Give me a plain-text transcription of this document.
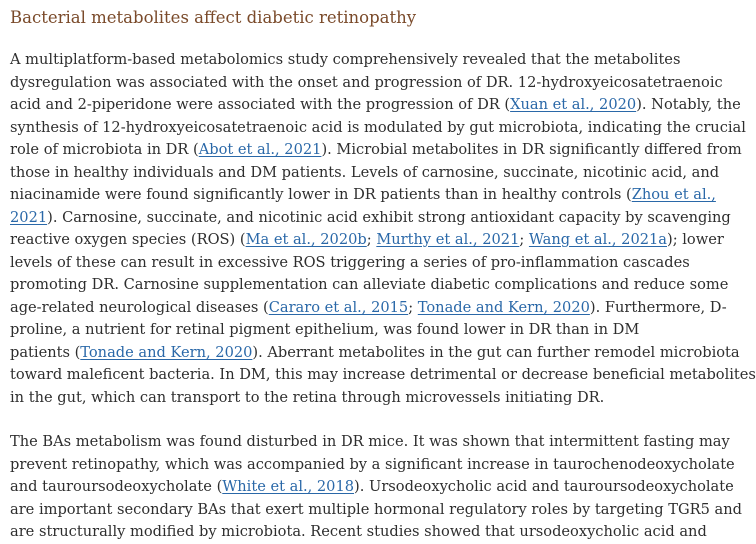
Bacterial metabolites affect diabetic retinopathy

A multiplatform-based metabolomics study comprehensively revealed that the metabolites
dysregulation was associated with the onset and progression of DR. 12-hydroxyeicosatetraenoic
acid and 2-piperidone were associated with the progression of DR (Xuan et al., 2020). Notably, the
synthesis of 12-hydroxyeicosatetraenoic acid is modulated by gut microbiota, indicating the crucial
role of microbiota in DR (Abot et al., 2021). Microbial metabolites in DR significantly differed from
those in healthy individuals and DM patients. Levels of carnosine, succinate, nicotinic acid, and
niacinamide were found significantly lower in DR patients than in healthy controls (Zhou et al.,
2021). Carnosine, succinate, and nicotinic acid exhibit strong antioxidant capacity by scavenging
reactive oxygen species (ROS) (Ma et al., 2020b; Murthy et al., 2021; Wang et al., 2021a); lower
levels of these can result in excessive ROS triggering a series of pro-inflammation cascades
promoting DR. Carnosine supplementation can alleviate diabetic complications and reduce some
age-related neurological diseases (Cararo et al., 2015; Tonade and Kern, 2020). Furthermore, D-
proline, a nutrient for retinal pigment epithelium, was found lower in DR than in DM
patients (Tonade and Kern, 2020). Aberrant metabolites in the gut can further remodel microbiota
toward maleficent bacteria. In DM, this may increase detrimental or decrease beneficial metabolites
in the gut, which can transport to the retina through microvessels initiating DR.

The BAs metabolism was found disturbed in DR mice. It was shown that intermittent fasting may
prevent retinopathy, which was accompanied by a significant increase in taurochenodeoxycholate
and tauroursodeoxycholate (White et al., 2018). Ursodeoxycholic acid and tauroursodeoxycholate
are important secondary BAs that exert multiple hormonal regulatory roles by targeting TGR5 and
are structurally modified by microbiota. Recent studies showed that ursodeoxycholic acid and
